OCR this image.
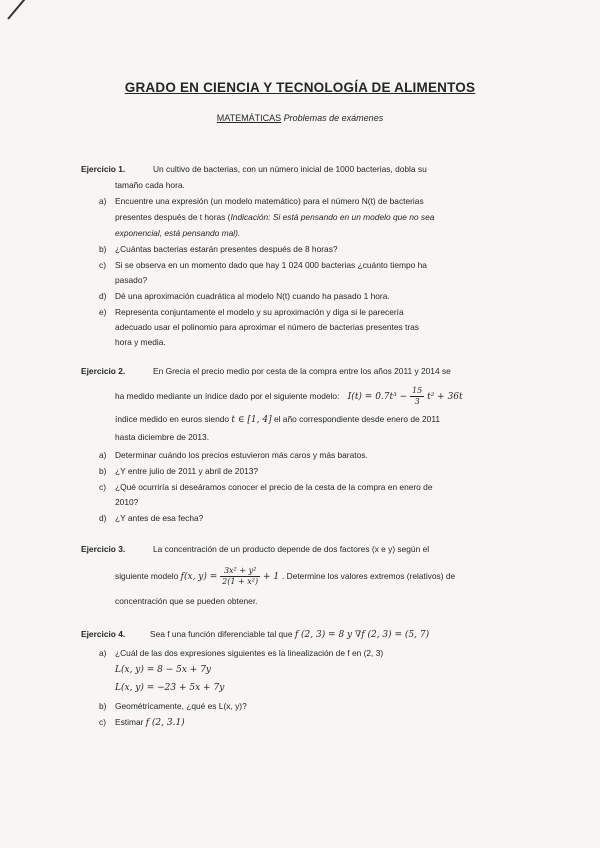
GRADO EN CIENCIA Y TECNOLOGÍA DE ALIMENTOS
MATEMÁTICAS Problemas de exámenes
Ejercicio 1.	Un cultivo de bacterias, con un número inicial de 1000 bacterias, dobla su
tamaño cada hora.
a)	Encuentre una expresión (un modelo matemático) para el número N(t) de bacterias
presentes después de t horas (Indicación: Si está pensando en un modelo que no sea
exponencial, está pensando mal).
b)	¿Cuántas bacterias estarán presentes después de 8 horas?
c)	Si se observa en un momento dado que hay 1 024 000 bacterias ¿cuánto tiempo ha
pasado?
d)	Dé una aproximación cuadrática al modelo N(t) cuando ha pasado 1 hora.
e)	Representa conjuntamente el modelo y su aproximación y diga si le parecería
adecuado usar el polinomio para aproximar el número de bacterias presentes tras
hora y media.
Ejercicio 2.	En Grecia el precio medio por cesta de la compra entre los años 2011 y 2014 se
ha medido mediante un índice dado por el siguiente modelo: $I(t) = 0.7t^3 - \frac{15}{3} t^2 + 36t$
índice medido en euros siendo t ∈ [1, 4] el año correspondiente desde enero de 2011
hasta diciembre de 2013.
a)	Determinar cuándo los precios estuvieron más caros y más baratos.
b)	¿Y entre julio de 2011 y abril de 2013?
c)	¿Qué ocurriría si deseáramos conocer el precio de la cesta de la compra en enero de
2010?
d)	¿Y antes de esa fecha?
Ejercicio 3.	La concentración de un producto depende de dos factores (x e y) según el
siguiente modelo f(x, $y) = \frac{\text{3x² + y²}}{\text{2(1 + x²)}} + 1$ . Determine los valores extremos (relativos) de
concentración que se pueden obtener.
Ejercicio 4.	Sea f una función diferenciable tal que f (2, 3) = 8 y ∇f (2, 3) = (5, 7)
a)	¿Cuál de las dos expresiones siguientes es la linealización de f en (2, 3)
L(x, y) = 8 − 5x + 7y
L(x, y) = −23 + 5x + 7y
b)	Geométricamente, ¿qué es L(x, y)?
c)	Estimar f (2, 3.1)
